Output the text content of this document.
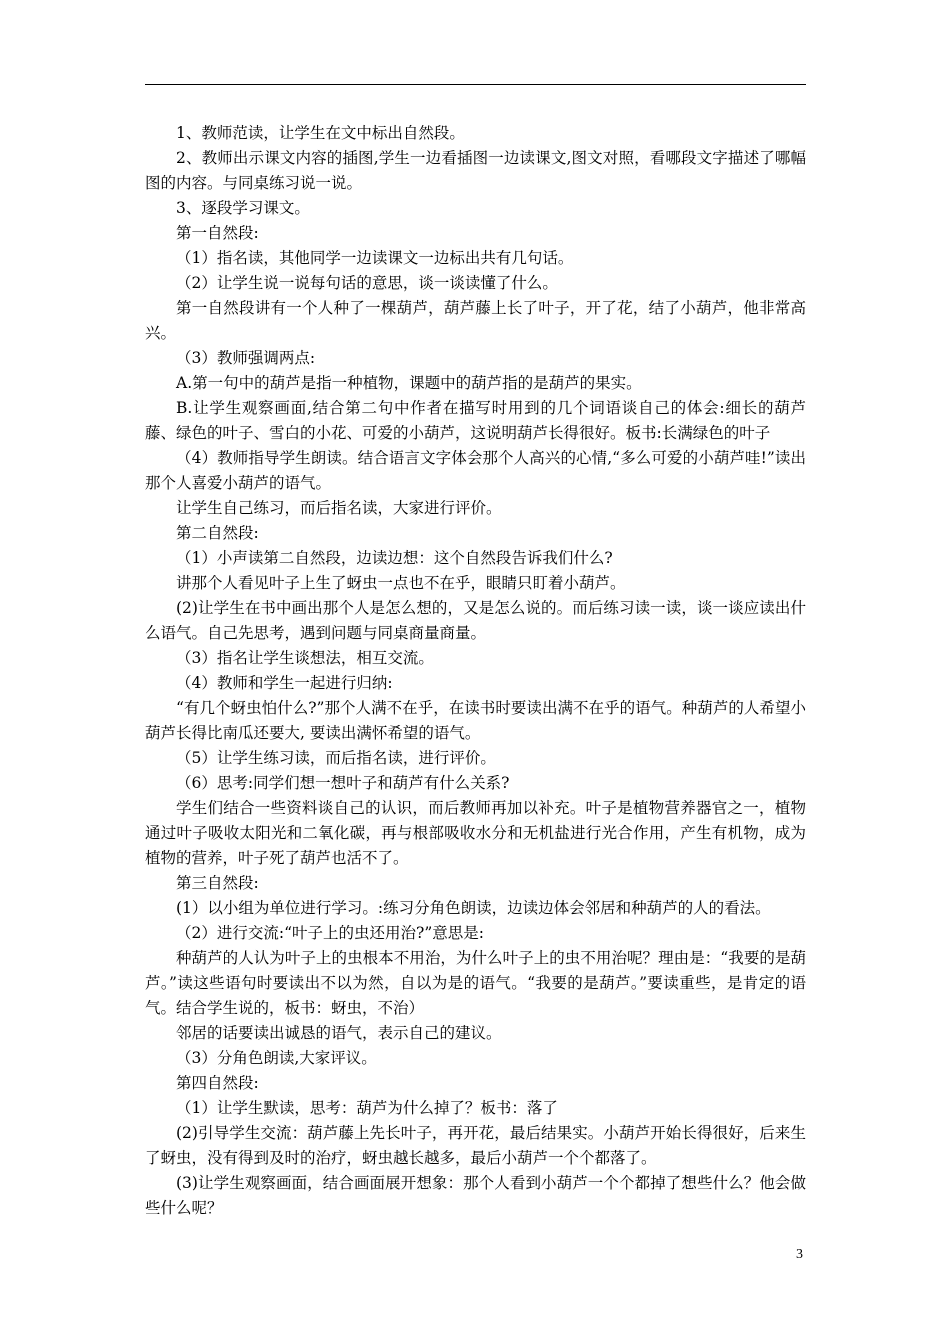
1、教师范读，让学生在文中标出自然段。

2、教师出示课文内容的插图,学生一边看插图一边读课文,图文对照，看哪段文字描述了哪幅图的内容。与同桌练习说一说。

3、逐段学习课文。

第一自然段:

（1）指名读，其他同学一边读课文一边标出共有几句话。

（2）让学生说一说每句话的意思，谈一谈读懂了什么。

第一自然段讲有一个人种了一棵葫芦，葫芦藤上长了叶子，开了花，结了小葫芦，他非常高兴。

（3）教师强调两点:

A.第一句中的葫芦是指一种植物，课题中的葫芦指的是葫芦的果实。

B.让学生观察画面,结合第二句中作者在描写时用到的几个词语谈自己的体会:细长的葫芦藤、绿色的叶子、雪白的小花、可爱的小葫芦，这说明葫芦长得很好。板书:长满绿色的叶子

（4）教师指导学生朗读。结合语言文字体会那个人高兴的心情,“多么可爱的小葫芦哇!”读出那个人喜爱小葫芦的语气。

让学生自己练习，而后指名读，大家进行评价。

第二自然段:

（1）小声读第二自然段，边读边想：这个自然段告诉我们什么?

讲那个人看见叶子上生了蚜虫一点也不在乎，眼睛只盯着小葫芦。

(2)让学生在书中画出那个人是怎么想的，又是怎么说的。而后练习读一读，谈一谈应读出什么语气。自己先思考，遇到问题与同桌商量商量。

（3）指名让学生谈想法，相互交流。

（4）教师和学生一起进行归纳:

“有几个蚜虫怕什么?”那个人满不在乎，在读书时要读出满不在乎的语气。种葫芦的人希望小葫芦长得比南瓜还要大, 要读出满怀希望的语气。

（5）让学生练习读，而后指名读，进行评价。

（6）思考:同学们想一想叶子和葫芦有什么关系?

学生们结合一些资料谈自己的认识，而后教师再加以补充。叶子是植物营养器官之一，植物通过叶子吸收太阳光和二氧化碳，再与根部吸收水分和无机盐进行光合作用，产生有机物，成为植物的营养，叶子死了葫芦也活不了。

第三自然段:

(1）以小组为单位进行学习。:练习分角色朗读，边读边体会邻居和种葫芦的人的看法。

（2）进行交流:“叶子上的虫还用治?”意思是:

种葫芦的人认为叶子上的虫根本不用治，为什么叶子上的虫不用治呢？理由是：“我要的是葫芦。”读这些语句时要读出不以为然，自以为是的语气。“我要的是葫芦。”要读重些，是肯定的语气。结合学生说的，板书：蚜虫，不治）

邻居的话要读出诚恳的语气，表示自己的建议。

（3）分角色朗读,大家评议。

第四自然段:

（1）让学生默读，思考：葫芦为什么掉了？板书：落了

(2)引导学生交流：葫芦藤上先长叶子，再开花，最后结果实。小葫芦开始长得很好，后来生了蚜虫，没有得到及时的治疗，蚜虫越长越多，最后小葫芦一个个都落了。

(3)让学生观察画面，结合画面展开想象：那个人看到小葫芦一个个都掉了想些什么？他会做些什么呢？

3
